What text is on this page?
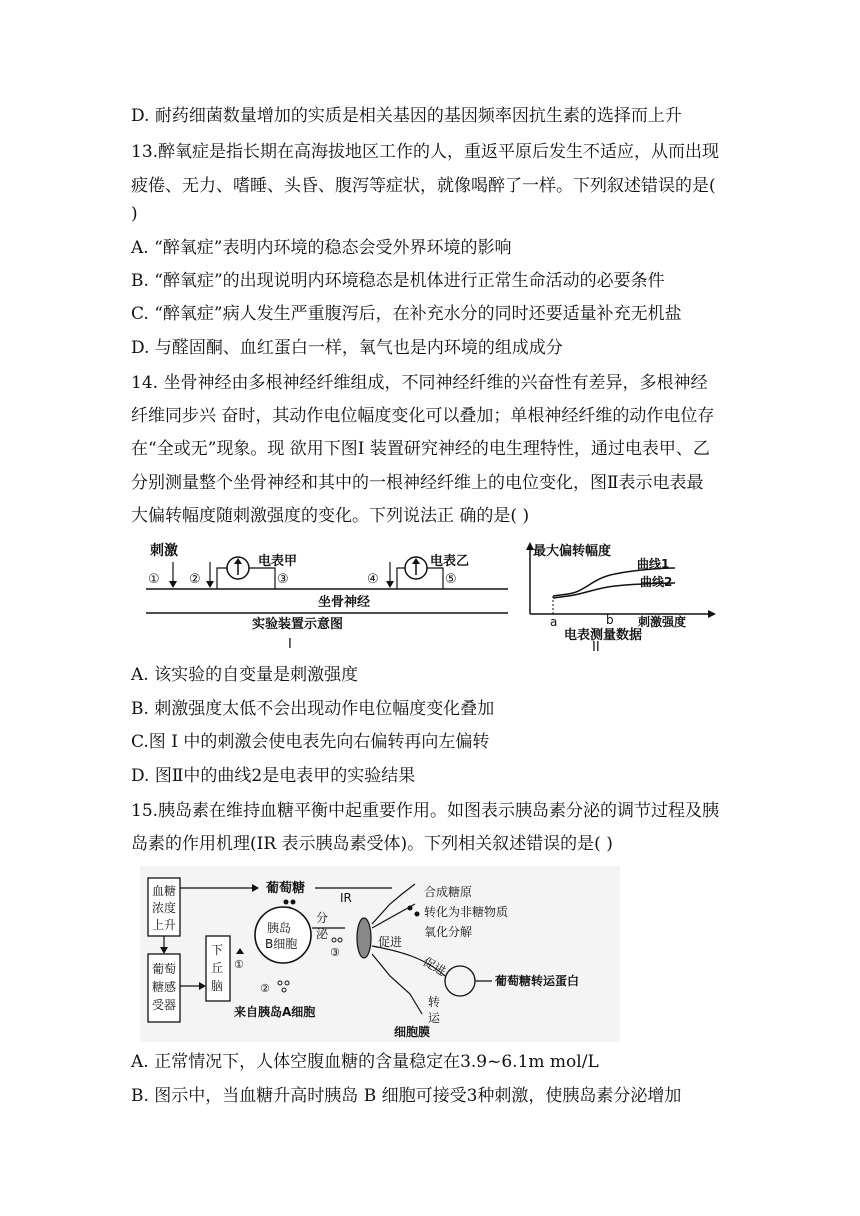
D. 耐药细菌数量增加的实质是相关基因的基因频率因抗生素的选择而上升
13.醉氧症是指长期在高海拔地区工作的人，重返平原后发生不适应，从而出现
疲倦、无力、嗜睡、头昏、腹泻等症状，就像喝醉了一样。下列叙述错误的是(
)
A. “醉氧症”表明内环境的稳态会受外界环境的影响
B. “醉氧症”的出现说明内环境稳态是机体进行正常生命活动的必要条件
C. “醉氧症”病人发生严重腹泻后，在补充水分的同时还要适量补充无机盐
D. 与醛固酮、血红蛋白一样，氧气也是内环境的组成成分
14. 坐骨神经由多根神经纤维组成，不同神经纤维的兴奋性有差异，多根神经
纤维同步兴 奋时，其动作电位幅度变化可以叠加；单根神经纤维的动作电位存
在“全或无”现象。现 欲用下图I 装置研究神经的电生理特性，通过电表甲、乙
分别测量整个坐骨神经和其中的一根神经纤维上的电位变化，图Ⅱ表示电表最
大偏转幅度随刺激强度的变化。下列说法正 确的是( )
刺激
① ②
电表甲
③	④
电表乙
⑤
坐骨神经
实验装置示意图
I
最大偏转幅度
曲线1
曲线2
a	b 刺激强度
电表测量数据
II
A. 该实验的自变量是刺激强度
B. 刺激强度太低不会出现动作电位幅度变化叠加
C.图 I 中的刺激会使电表先向右偏转再向左偏转
D. 图Ⅱ中的曲线2是电表甲的实验结果
15.胰岛素在维持血糖平衡中起重要作用。如图表示胰岛素分泌的调节过程及胰
岛素的作用机理(IR 表示胰岛素受体)。下列相关叙述错误的是( )
血糖
浓度
上升
葡萄糖
葡萄
糖感
受器
下
丘
脑
①
胰岛
B细胞
②
来自胰岛A细胞
分
泌
③
IR	合成糖原
转化为非糖物质
氧化分解
促进
促进
葡萄糖转运蛋白
转
运
细胞膜
A. 正常情况下，人体空腹血糖的含量稳定在3.9~6.1m mol/L
B. 图示中，当血糖升高时胰岛 B 细胞可接受3种刺激，使胰岛素分泌增加
